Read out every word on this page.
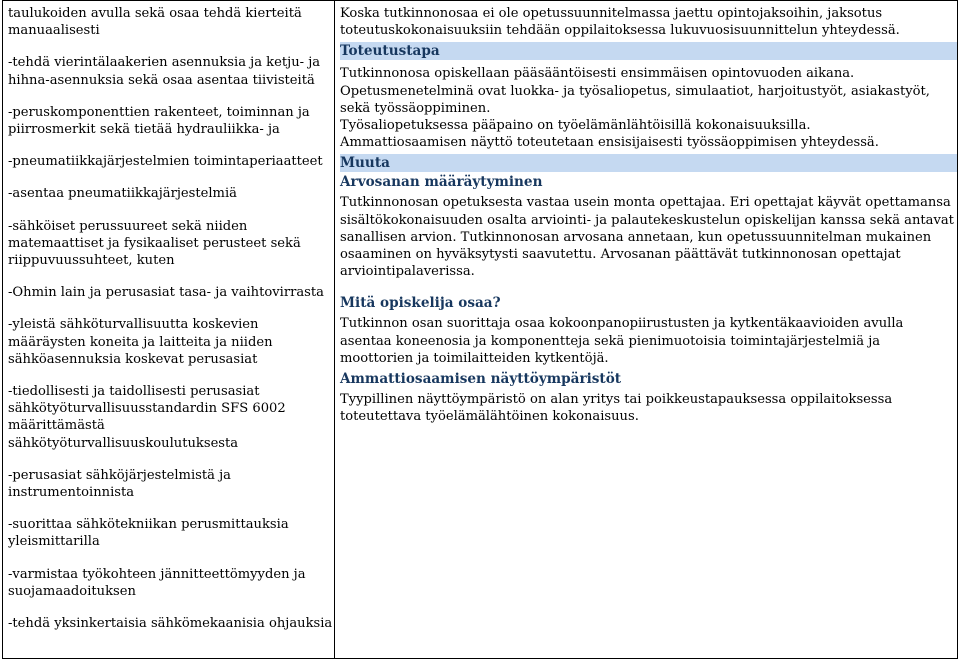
taulukoiden avulla sekä osaa tehdä kierteitä manuaalisesti

-tehdä vierintälaakerien asennuksia ja ketju- ja hihna-asennuksia sekä osaa asentaa tiivisteitä

-peruskomponenttien rakenteet, toiminnan ja piirrosmerkit sekä tietää hydrauliikka- ja

-pneumatiikkajärjestelmien toimintaperiaatteet

-asentaa pneumatiikkajärjestelmiä

-sähköiset perussuureet sekä niiden matemaattiset ja fysikaaliset perusteet sekä riippuvuussuhteet, kuten

-Ohmin lain ja perusasiat tasa- ja vaihtovirrasta

-yleistä sähköturvallisuutta koskevien määräysten koneita ja laitteita ja niiden sähköasennuksia koskevat perusasiat

-tiedollisesti ja taidollisesti perusasiat sähkötyöturvallisuusstandardin SFS 6002 määrittämästä sähkötyöturvallisuuskoulutuksesta

-perusasiat sähköjärjestelmistä ja instrumentoinnista

-suorittaa sähkötekniikan perusmittauksia yleismittarilla

-varmistaa työkohteen jännitteettömyyden ja suojamaadoituksen

-tehdä yksinkertaisia sähkömekaanisia ohjauksia

Koska tutkinnonosaa ei ole opetussuunnitelmassa jaettu opintojaksoihin, jaksotus toteutuskokonaisuuksiin tehdään oppilaitoksessa lukuvuosisuunnittelun yhteydessä.

Toteutustapa

Tutkinnonosa opiskellaan pääsääntöisesti ensimmäisen opintovuoden aikana.

Opetusmenetelminä ovat luokka- ja työsaliopetus, simulaatiot, harjoitustyöt, asiakastyöt, sekä työssäoppiminen.

Työsaliopetuksessa pääpaino on työelämänlähtöisillä kokonaisuuksilla.

Ammattiosaamisen näyttö toteutetaan ensisijaisesti työssäoppimisen yhteydessä.

Muuta

Arvosanan määräytyminen

Tutkinnonosan opetuksesta vastaa usein monta opettajaa. Eri opettajat käyvät opettamansa sisältökokonaisuuden osalta arviointi- ja palautekeskustelun opiskelijan kanssa sekä antavat sanallisen arvion. Tutkinnonosan arvosana annetaan, kun opetussuunnitelman mukainen osaaminen on hyväksytysti saavutettu. Arvosanan päättävät tutkinnonosan opettajat arviointipalaverissa.

Mitä opiskelija osaa?

Tutkinnon osan suorittaja osaa kokoonpanopiirustusten ja kytkentäkaavioiden avulla asentaa koneenosia ja komponentteja sekä pienimuotoisia toimintajärjestelmiä ja moottorien ja toimilaitteiden kytkentöjä.

Ammattiosaamisen näyttöympäristöt

Tyypillinen näyttöympäristö on alan yritys tai poikkeustapauksessa oppilaitoksessa toteutettava työelämälähtöinen kokonaisuus.
